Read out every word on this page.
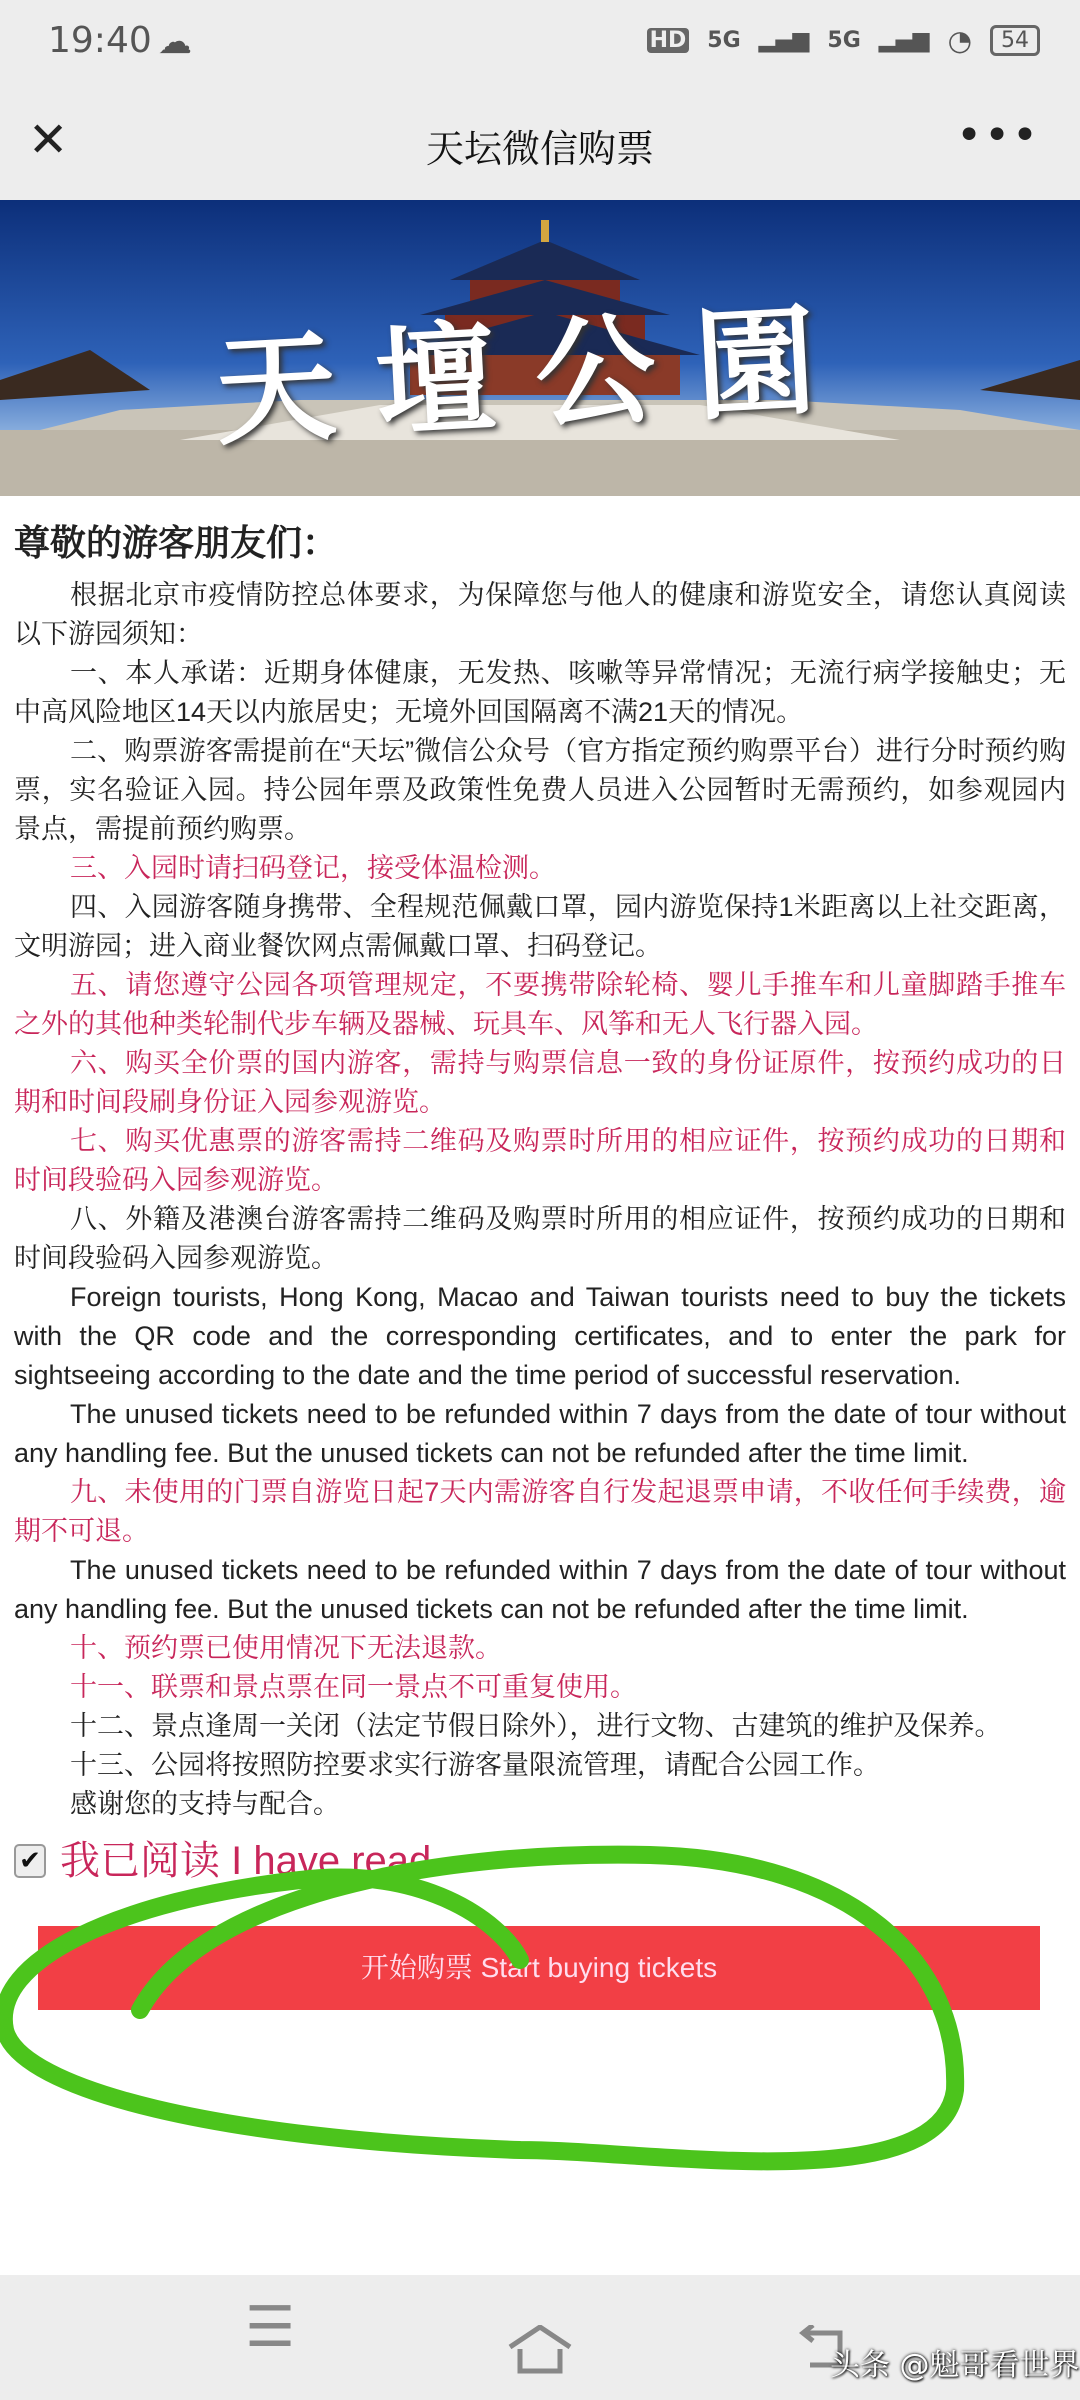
19:40 ☁	HD 5G ▂▄▆ 5G ▂▄▆ ◔	54
✕	天坛微信购票	•••
天壇公園
尊敬的游客朋友们：

根据北京市疫情防控总体要求，为保障您与他人的健康和游览安全，请您认真阅读以下游园须知：

一、本人承诺：近期身体健康，无发热、咳嗽等异常情况；无流行病学接触史；无中高风险地区14天以内旅居史；无境外回国隔离不满21天的情况。

二、购票游客需提前在“天坛”微信公众号（官方指定预约购票平台）进行分时预约购票，实名验证入园。持公园年票及政策性免费人员进入公园暂时无需预约，如参观园内景点，需提前预约购票。

三、入园时请扫码登记，接受体温检测。

四、入园游客随身携带、全程规范佩戴口罩，园内游览保持1米距离以上社交距离，文明游园；进入商业餐饮网点需佩戴口罩、扫码登记。

五、请您遵守公园各项管理规定，不要携带除轮椅、婴儿手推车和儿童脚踏手推车之外的其他种类轮制代步车辆及器械、玩具车、风筝和无人飞行器入园。

六、购买全价票的国内游客，需持与购票信息一致的身份证原件，按预约成功的日期和时间段刷身份证入园参观游览。

七、购买优惠票的游客需持二维码及购票时所用的相应证件，按预约成功的日期和时间段验码入园参观游览。

八、外籍及港澳台游客需持二维码及购票时所用的相应证件，按预约成功的日期和时间段验码入园参观游览。

Foreign tourists, Hong Kong, Macao and Taiwan tourists need to buy the tickets with the QR code and the corresponding certificates, and to enter the park for sightseeing according to the date and the time period of successful reservation.

The unused tickets need to be refunded within 7 days from the date of tour without any handling fee. But the unused tickets can not be refunded after the time limit.

九、未使用的门票自游览日起7天内需游客自行发起退票申请，不收任何手续费，逾期不可退。

The unused tickets need to be refunded within 7 days from the date of tour without any handling fee. But the unused tickets can not be refunded after the time limit.

十、预约票已使用情况下无法退款。

十一、联票和景点票在同一景点不可重复使用。

十二、景点逢周一关闭（法定节假日除外），进行文物、古建筑的维护及保养。

十三、公园将按照防控要求实行游客量限流管理，请配合公园工作。

感谢您的支持与配合。

✔ 我已阅读 I have read
开始购票 Start buying tickets
☰
头条 @魁哥看世界
